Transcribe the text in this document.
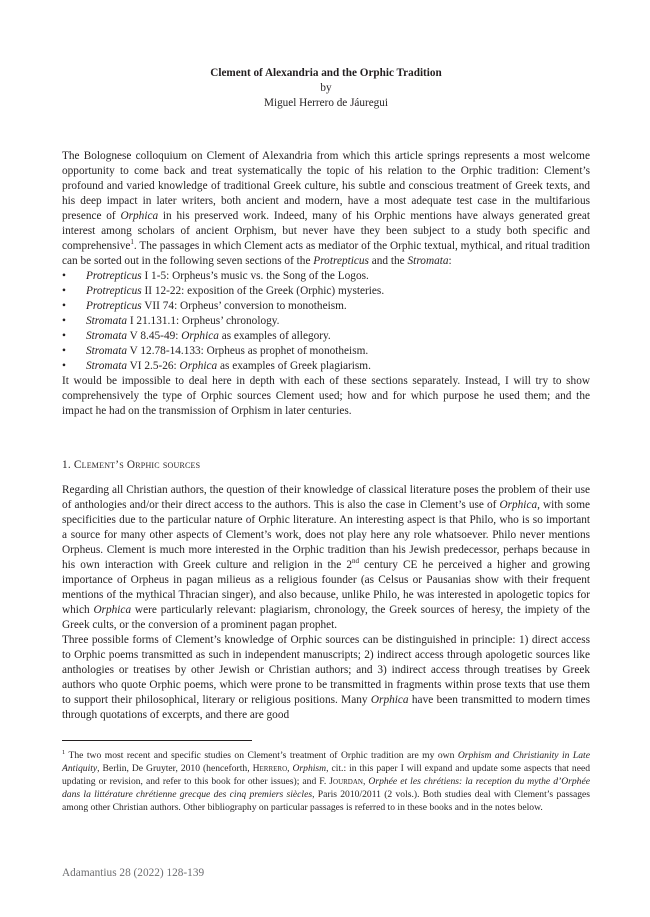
Clement of Alexandria and the Orphic Tradition
by
Miguel Herrero de Jáuregui

The Bolognese colloquium on Clement of Alexandria from which this article springs represents a most welcome opportunity to come back and treat systematically the topic of his relation to the Orphic tradition: Clement’s profound and varied knowledge of traditional Greek culture, his subtle and conscious treatment of Greek texts, and his deep impact in later writers, both ancient and modern, have a most adequate test case in the multifarious presence of Orphica in his preserved work. Indeed, many of his Orphic mentions have always generated great interest among scholars of ancient Orphism, but never have they been subject to a study both specific and comprehensive$^1$. The passages in which Clement acts as mediator of the Orphic textual, mythical, and ritual tradition can be sorted out in the following seven sections of the Protrepticus and the Stromata:

• Protrepticus I 1-5: Orpheus’s music vs. the Song of the Logos.
• Protrepticus II 12-22: exposition of the Greek (Orphic) mysteries.
• Protrepticus VII 74: Orpheus’ conversion to monotheism.
• Stromata I 21.131.1: Orpheus’ chronology.
• Stromata V 8.45-49: Orphica as examples of allegory.
• Stromata V 12.78-14.133: Orpheus as prophet of monotheism.
• Stromata VI 2.5-26: Orphica as examples of Greek plagiarism.

It would be impossible to deal here in depth with each of these sections separately. Instead, I will try to show comprehensively the type of Orphic sources Clement used; how and for which purpose he used them; and the impact he had on the transmission of Orphism in later centuries.

1. Clement’s Orphic sources

Regarding all Christian authors, the question of their knowledge of classical literature poses the problem of their use of anthologies and/or their direct access to the authors. This is also the case in Clement’s use of Orphica, with some specificities due to the particular nature of Orphic literature. An interesting aspect is that Philo, who is so important a source for many other aspects of Clement’s work, does not play here any role whatsoever. Philo never mentions Orpheus. Clement is much more interested in the Orphic tradition than his Jewish predecessor, perhaps because in his own interaction with Greek culture and religion in the 2nd century CE he perceived a higher and growing importance of Orpheus in pagan milieus as a religious founder (as Celsus or Pausanias show with their frequent mentions of the mythical Thracian singer), and also because, unlike Philo, he was interested in apologetic topics for which Orphica were particularly relevant: plagiarism, chronology, the Greek sources of heresy, the impiety of the Greek cults, or the conversion of a prominent pagan prophet.

Three possible forms of Clement’s knowledge of Orphic sources can be distinguished in principle: 1) direct access to Orphic poems transmitted as such in independent manuscripts; 2) indirect access through apologetic sources like anthologies or treatises by other Jewish or Christian authors; and 3) indirect access through treatises by Greek authors who quote Orphic poems, which were prone to be transmitted in fragments within prose texts that use them to support their philosophical, literary or religious positions. Many Orphica have been transmitted to modern times through quotations of excerpts, and there are good

$^1$ The two most recent and specific studies on Clement’s treatment of Orphic tradition are my own Orphism and Christianity in Late Antiquity, Berlin, De Gruyter, 2010 (henceforth, Herrero, Orphism, cit.: in this paper I will expand and update some aspects that need updating or revision, and refer to this book for other issues); and F. Jourdan, Orphée et les chrétiens: la reception du mythe d’Orphée dans la littérature chrétienne grecque des cinq premiers siècles, Paris 2010/2011 (2 vols.). Both studies deal with Clement’s passages among other Christian authors. Other bibliography on particular passages is referred to in these books and in the notes below.
Adamantius 28 (2022) 128-139
